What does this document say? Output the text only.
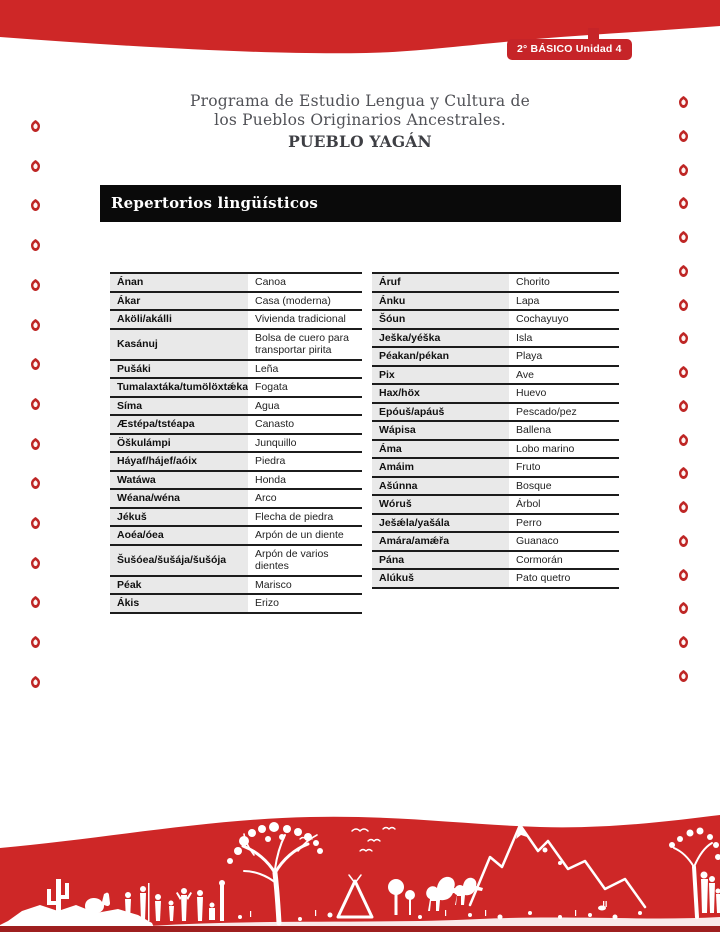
2° BÁSICO Unidad 4
Programa de Estudio Lengua y Cultura de
los Pueblos Originarios Ancestrales.
PUEBLO YAGÁN
Repertorios lingüísticos
Ánan	Canoa
Ákar	Casa (moderna)
Aköli/akálli	Vivienda tradicional
Kasánuj	Bolsa de cuero para transportar pirita
Pušáki	Leña
Tumalaxtáka/tumölöxtǽka	Fogata
Síma	Agua
Æstépa/tstéapa	Canasto
Öškulámpi	Junquillo
Háyaf/hájef/aóix	Piedra
Watáwa	Honda
Wéana/wéna	Arco
Jékuš	Flecha de piedra
Aoéa/óea	Arpón de un diente
Šušóea/šušája/šušója	Arpón de varios dientes
Péak	Marisco
Ákis	Erizo
Áruf	Chorito
Ánku	Lapa
Šóun	Cochayuyo
Ješka/yéška	Isla
Péakan/pékan	Playa
Pix	Ave
Hax/höx	Huevo
Epóuš/apáuš	Pescado/pez
Wápisa	Ballena
Áma	Lobo marino
Amáim	Fruto
Ašúnna	Bosque
Wóruš	Árbol
Ješǽla/yašála	Perro
Amára/amǽřa	Guanaco
Pána	Cormorán
Alúkuš	Pato quetro
